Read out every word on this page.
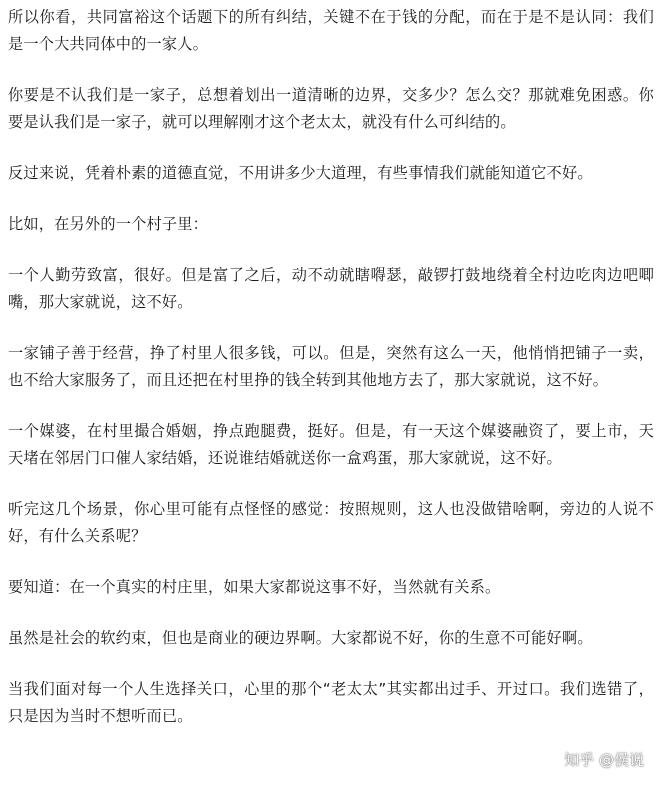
所以你看，共同富裕这个话题下的所有纠结，关键不在于钱的分配，而在于是不是认同：我们是一个大共同体中的一家人。

你要是不认我们是一家子，总想着划出一道清晰的边界，交多少？怎么交？那就难免困惑。你要是认我们是一家子，就可以理解刚才这个老太太，就没有什么可纠结的。

反过来说，凭着朴素的道德直觉，不用讲多少大道理，有些事情我们就能知道它不好。

比如，在另外的一个村子里：

一个人勤劳致富，很好。但是富了之后，动不动就瞎嘚瑟，敲锣打鼓地绕着全村边吃肉边吧唧嘴，那大家就说，这不好。

一家铺子善于经营，挣了村里人很多钱，可以。但是，突然有这么一天，他悄悄把铺子一卖，也不给大家服务了，而且还把在村里挣的钱全转到其他地方去了，那大家就说，这不好。

一个媒婆，在村里撮合婚姻，挣点跑腿费，挺好。但是，有一天这个媒婆融资了，要上市，天天堵在邻居门口催人家结婚，还说谁结婚就送你一盒鸡蛋，那大家就说，这不好。

听完这几个场景，你心里可能有点怪怪的感觉：按照规则，这人也没做错啥啊，旁边的人说不好，有什么关系呢？

要知道：在一个真实的村庄里，如果大家都说这事不好，当然就有关系。

虽然是社会的软约束，但也是商业的硬边界啊。大家都说不好，你的生意不可能好啊。

当我们面对每一个人生选择关口，心里的那个“老太太”其实都出过手、开过口。我们选错了，只是因为当时不想听而已。

知乎 @侯说
